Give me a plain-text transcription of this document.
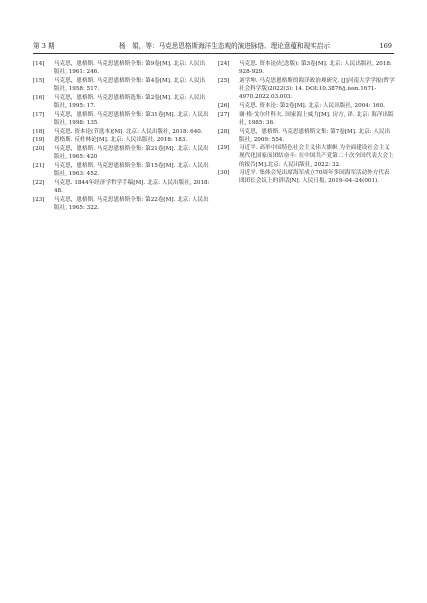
第 3 期	杨　娟，等：马克思恩格斯海洋生态观的演进脉络、理论意蕴和现实启示	169
[14] 马克思，恩格斯. 马克思恩格斯全集: 第9卷[M]. 北京: 人民出版社, 1961: 246.
[15] 马克思，恩格斯. 马克思恩格斯全集: 第4卷[M]. 北京: 人民出版社, 1958: 517.
[16] 马克思，恩格斯. 马克思恩格斯选集: 第2卷[M]. 北京: 人民出版社, 1995: 17.
[17] 马克思，恩格斯. 马克思恩格斯全集: 第31卷[M]. 北京: 人民出版社, 1998: 135.
[18] 马克思. 资本论(节选本)[M]. 北京: 人民出版社, 2018: 640.
[19] 恩格斯. 反杜林论[M]. 北京: 人民出版社, 2018: 183.
[20] 马克思，恩格斯. 马克思恩格斯全集: 第21卷[M]. 北京: 人民出版社, 1965: 420
[21] 马克思，恩格斯. 马克思恩格斯全集: 第15卷[M]. 北京: 人民出版社, 1963: 452.
[22] 马克思. 1844年经济学哲学手稿[M]. 北京: 人民出版社, 2018: 48.
[23] 马克思，恩格斯. 马克思恩格斯全集: 第22卷[M]. 北京: 人民出版社, 1965: 322.
[24] 马克思. 资本论(纪念版): 第3卷[M]. 北京: 人民出版社, 2018: 928-929.
[25] 刘学坤. 马克思恩格斯的海洋政治观研究. [J]河南大学学报(哲学社会科学版)2022(3): 14. DOI:10.3876/j.issn.1671-4970.2022.03.003.
[26] 马克思. 资本论: 第2卷[M]. 北京: 人民出版社, 2004: 160.
[27] 谢·格·戈尔什科夫. 国家海上威力[M]. 房方, 译. 北京: 海洋出版社, 1985: 36.
[28] 马克思，恩格斯. 马克思恩格斯文集: 第7卷[M]. 北京: 人民出版社, 2009: 554.
[29] 习近平. 高举中国特色社会主义伟大旗帜 为全面建设社会主义现代化国家而团结奋斗: 在中国共产党第二十次全国代表大会上的报告[M].北京: 人民出版社, 2022: 32.
[30] 习近平. 集体会见出席海军成立70周年多国海军活动外方代表团团长会议上的讲话[N]. 人民日报, 2019–04–24(001).
